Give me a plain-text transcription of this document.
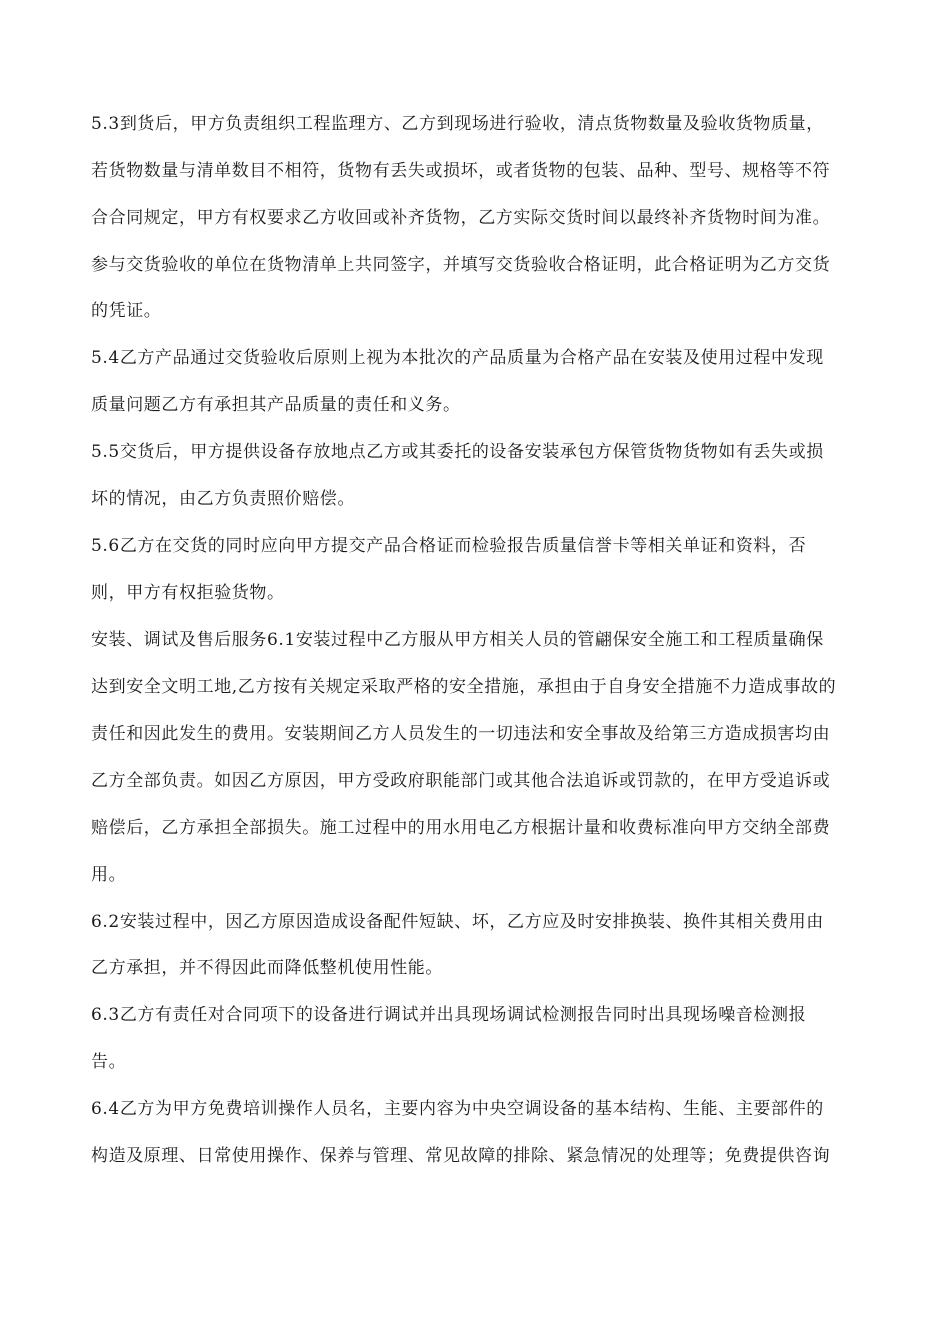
5.3到货后，甲方负责组织工程监理方、乙方到现场进行验收，清点货物数量及验收货物质量，

若货物数量与清单数目不相符，货物有丢失或损坏，或者货物的包装、品种、型号、规格等不符

合合同规定，甲方有权要求乙方收回或补齐货物，乙方实际交货时间以最终补齐货物时间为准。

参与交货验收的单位在货物清单上共同签字，并填写交货验收合格证明，此合格证明为乙方交货

的凭证。

5.4乙方产品通过交货验收后原则上视为本批次的产品质量为合格产品在安装及使用过程中发现

质量问题乙方有承担其产品质量的责任和义务。

5.5交货后，甲方提供设备存放地点乙方或其委托的设备安装承包方保管货物货物如有丢失或损

坏的情况，由乙方负责照价赔偿。

5.6乙方在交货的同时应向甲方提交产品合格证而检验报告质量信誉卡等相关单证和资料，否

则，甲方有权拒验货物。

安装、调试及售后服务6.1安装过程中乙方服从甲方相关人员的管翩保安全施工和工程质量确保

达到安全文明工地,乙方按有关规定采取严格的安全措施，承担由于自身安全措施不力造成事故的

责任和因此发生的费用。安装期间乙方人员发生的一切违法和安全事故及给第三方造成损害均由

乙方全部负责。如因乙方原因，甲方受政府职能部门或其他合法追诉或罚款的，在甲方受追诉或

赔偿后，乙方承担全部损失。施工过程中的用水用电乙方根据计量和收费标准向甲方交纳全部费

用。

6.2安装过程中，因乙方原因造成设备配件短缺、坏，乙方应及时安排换装、换件其相关费用由

乙方承担，并不得因此而降低整机使用性能。

6.3乙方有责任对合同项下的设备进行调试并出具现场调试检测报告同时出具现场噪音检测报

告。

6.4乙方为甲方免费培训操作人员名，主要内容为中央空调设备的基本结构、生能、主要部件的

构造及原理、日常使用操作、保养与管理、常见故障的排除、紧急情况的处理等；免费提供咨询
